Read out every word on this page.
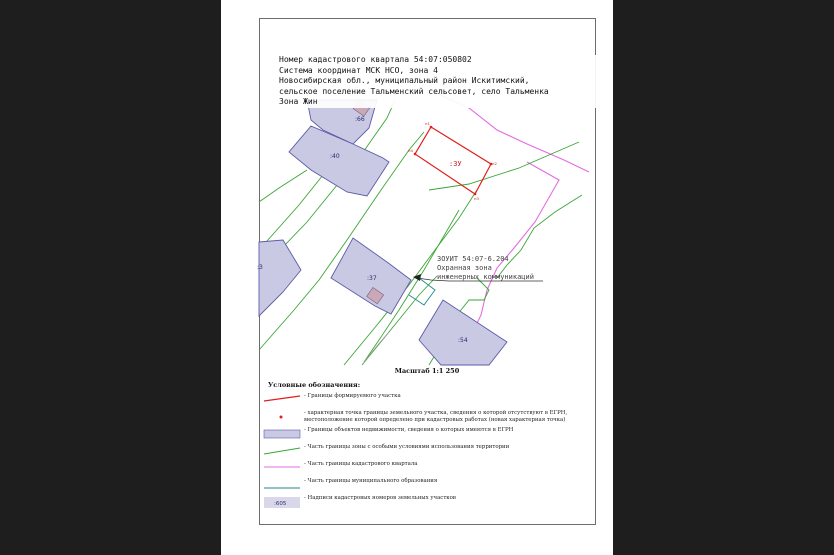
:66
:40
:37
:54
:3
:ЗУ
н1
н2
н3
н4
ЗОУИТ 54:07-6.204
Охранная зона
инженерных коммуникаций
Номер кадастрового квартала 54:07:050802
Система координат МСК НСО, зона 4
Новосибирская обл., муниципальный район Искитимский,
сельское поселение Тальменский сельсовет, село Тальменка
Зона Жин
Масштаб 1:1 250
Условные обозначения:
- Границы формируемого участка
- характерная точка границы земельного участка, сведения о которой отсутствуют в ЕГРН, местоположение которой определено при кадастровых работах (новая характерная точка)
- Границы объектов недвижимости, сведения о которых имеются в ЕГРН
- Часть границы зоны с особыми условиями использования территории
- Часть границы кадастрового квартала
- Часть границы муниципального образования
:605
- Надписи кадастровых номеров земельных участков
